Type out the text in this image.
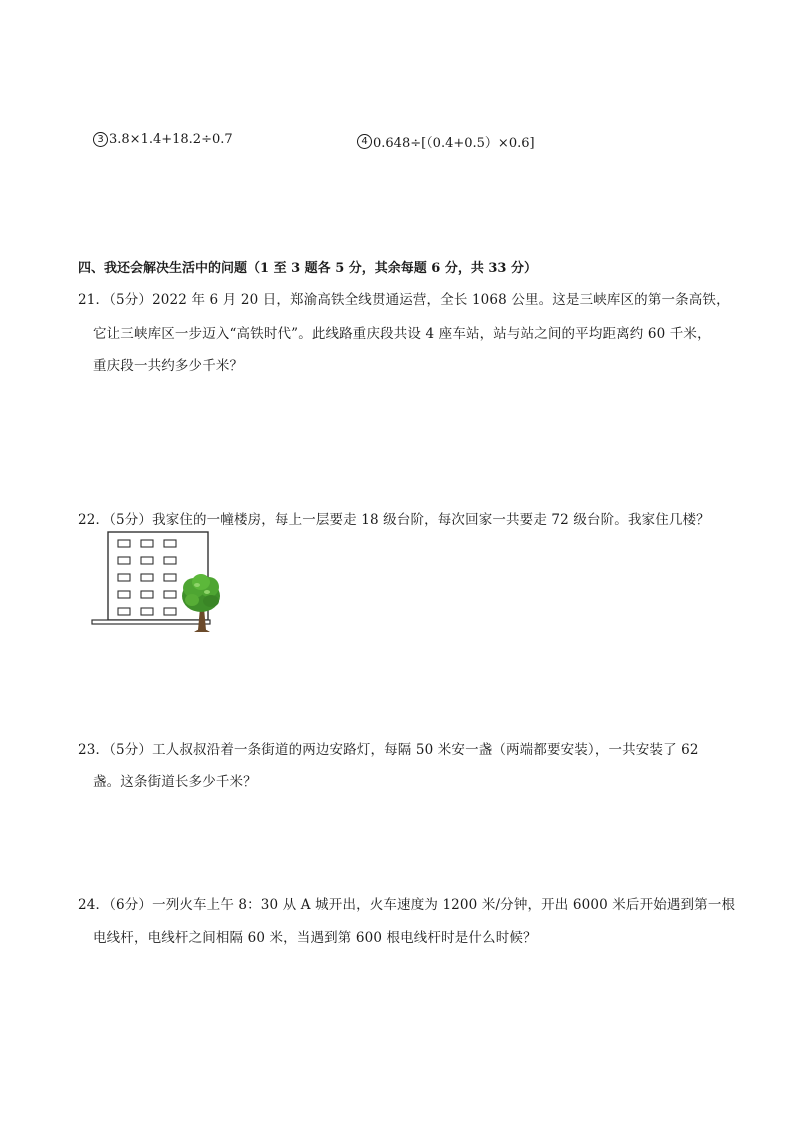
3 3.8×1.4+18.2÷0.7	4 0.648÷[（0.4+0.5）×0.6]
四、我还会解决生活中的问题（1 至 3 题各 5 分，其余每题 6 分，共 33 分）
21．（5分）2022 年 6 月 20 日，郑渝高铁全线贯通运营，全长 1068 公里。这是三峡库区的第一条高铁，
它让三峡库区一步迈入“高铁时代”。此线路重庆段共设 4 座车站，站与站之间的平均距离约 60 千米，
重庆段一共约多少千米？
22．（5分）我家住的一幢楼房，每上一层要走 18 级台阶，每次回家一共要走 72 级台阶。我家住几楼？
23．（5分）工人叔叔沿着一条街道的两边安路灯，每隔 50 米安一盏（两端都要安装），一共安装了 62
盏。这条街道长多少千米？
24．（6分）一列火车上午 8：30 从 A 城开出，火车速度为 1200 米/分钟，开出 6000 米后开始遇到第一根
电线杆，电线杆之间相隔 60 米，当遇到第 600 根电线杆时是什么时候？
